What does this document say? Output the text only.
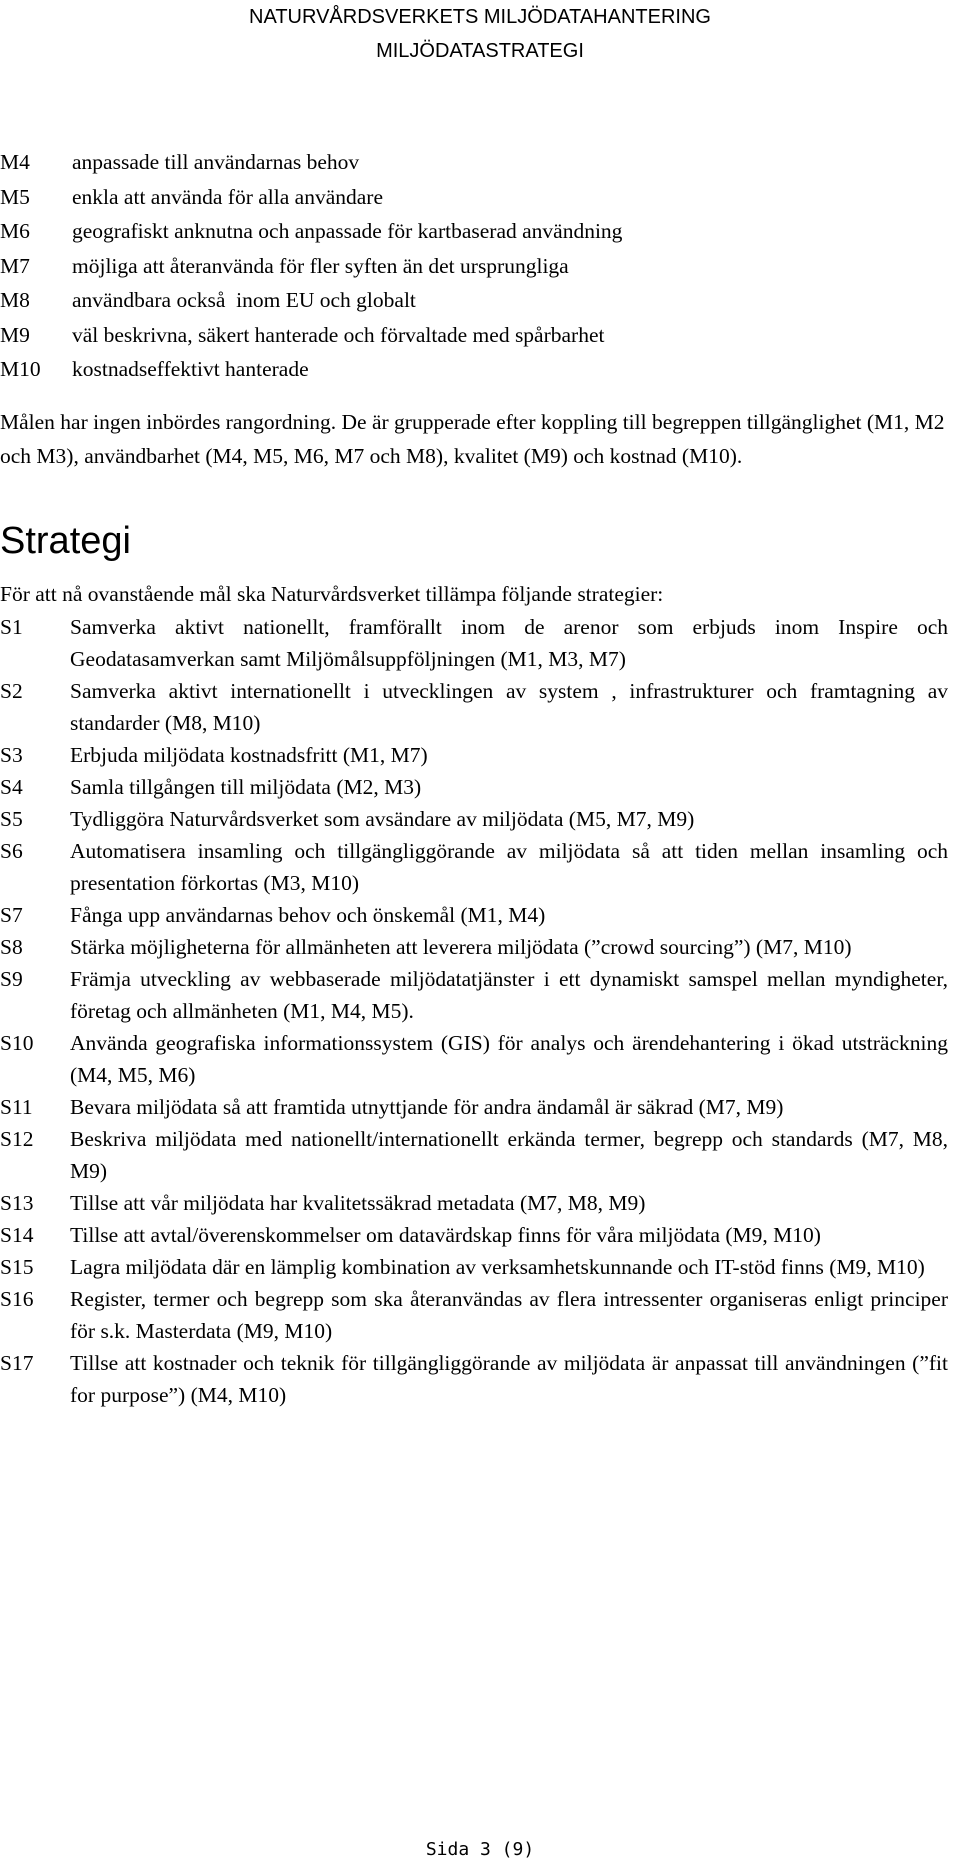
NATURVÅRDSVERKETS MILJÖDATAHANTERING
MILJÖDATASTRATEGI
M4	anpassade till användarnas behov
M5	enkla att använda för alla användare
M6	geografiskt anknutna och anpassade för kartbaserad användning
M7	möjliga att återanvända för fler syften än det ursprungliga
M8	användbara också  inom EU och globalt
M9	väl beskrivna, säkert hanterade och förvaltade med spårbarhet
M10	kostnadseffektivt hanterade

Målen har ingen inbördes rangordning. De är grupperade efter koppling till begreppen tillgänglighet (M1, M2 och M3), användbarhet (M4, M5, M6, M7 och M8), kvalitet (M9) och kostnad (M10).

Strategi
För att nå ovanstående mål ska Naturvårdsverket tillämpa följande strategier:
S1	Samverka aktivt nationellt, framförallt inom de arenor som erbjuds inom Inspire och Geodatasamverkan samt Miljömålsuppföljningen (M1, M3, M7)
S2	Samverka aktivt internationellt i utvecklingen av system , infrastrukturer och framtagning av standarder (M8, M10)
S3	Erbjuda miljödata kostnadsfritt (M1, M7)
S4	Samla tillgången till miljödata (M2, M3)
S5	Tydliggöra Naturvårdsverket som avsändare av miljödata (M5, M7, M9)
S6	Automatisera insamling och tillgängliggörande av miljödata så att tiden mellan insamling och presentation förkortas (M3, M10)
S7	Fånga upp användarnas behov och önskemål (M1, M4)
S8	Stärka möjligheterna för allmänheten att leverera miljödata (”crowd sourcing”) (M7, M10)
S9	Främja utveckling av webbaserade miljödatatjänster i ett dynamiskt samspel mellan myndigheter, företag och allmänheten (M1, M4, M5).
S10	Använda geografiska informationssystem (GIS) för analys och ärendehantering i ökad utsträckning (M4, M5, M6)
S11	Bevara miljödata så att framtida utnyttjande för andra ändamål är säkrad (M7, M9)
S12	Beskriva miljödata med nationellt/internationellt erkända termer, begrepp och standards (M7, M8, M9)
S13	Tillse att vår miljödata har kvalitetssäkrad metadata (M7, M8, M9)
S14	Tillse att avtal/överenskommelser om datavärdskap finns för våra miljödata (M9, M10)
S15	Lagra miljödata där en lämplig kombination av verksamhetskunnande och IT-stöd finns (M9, M10)
S16	Register, termer och begrepp som ska återanvändas av flera intressenter organiseras enligt principer för s.k. Masterdata (M9, M10)
S17	Tillse att kostnader och teknik för tillgängliggörande av miljödata är anpassat till användningen (”fit for purpose”) (M4, M10)
Sida 3 (9)
